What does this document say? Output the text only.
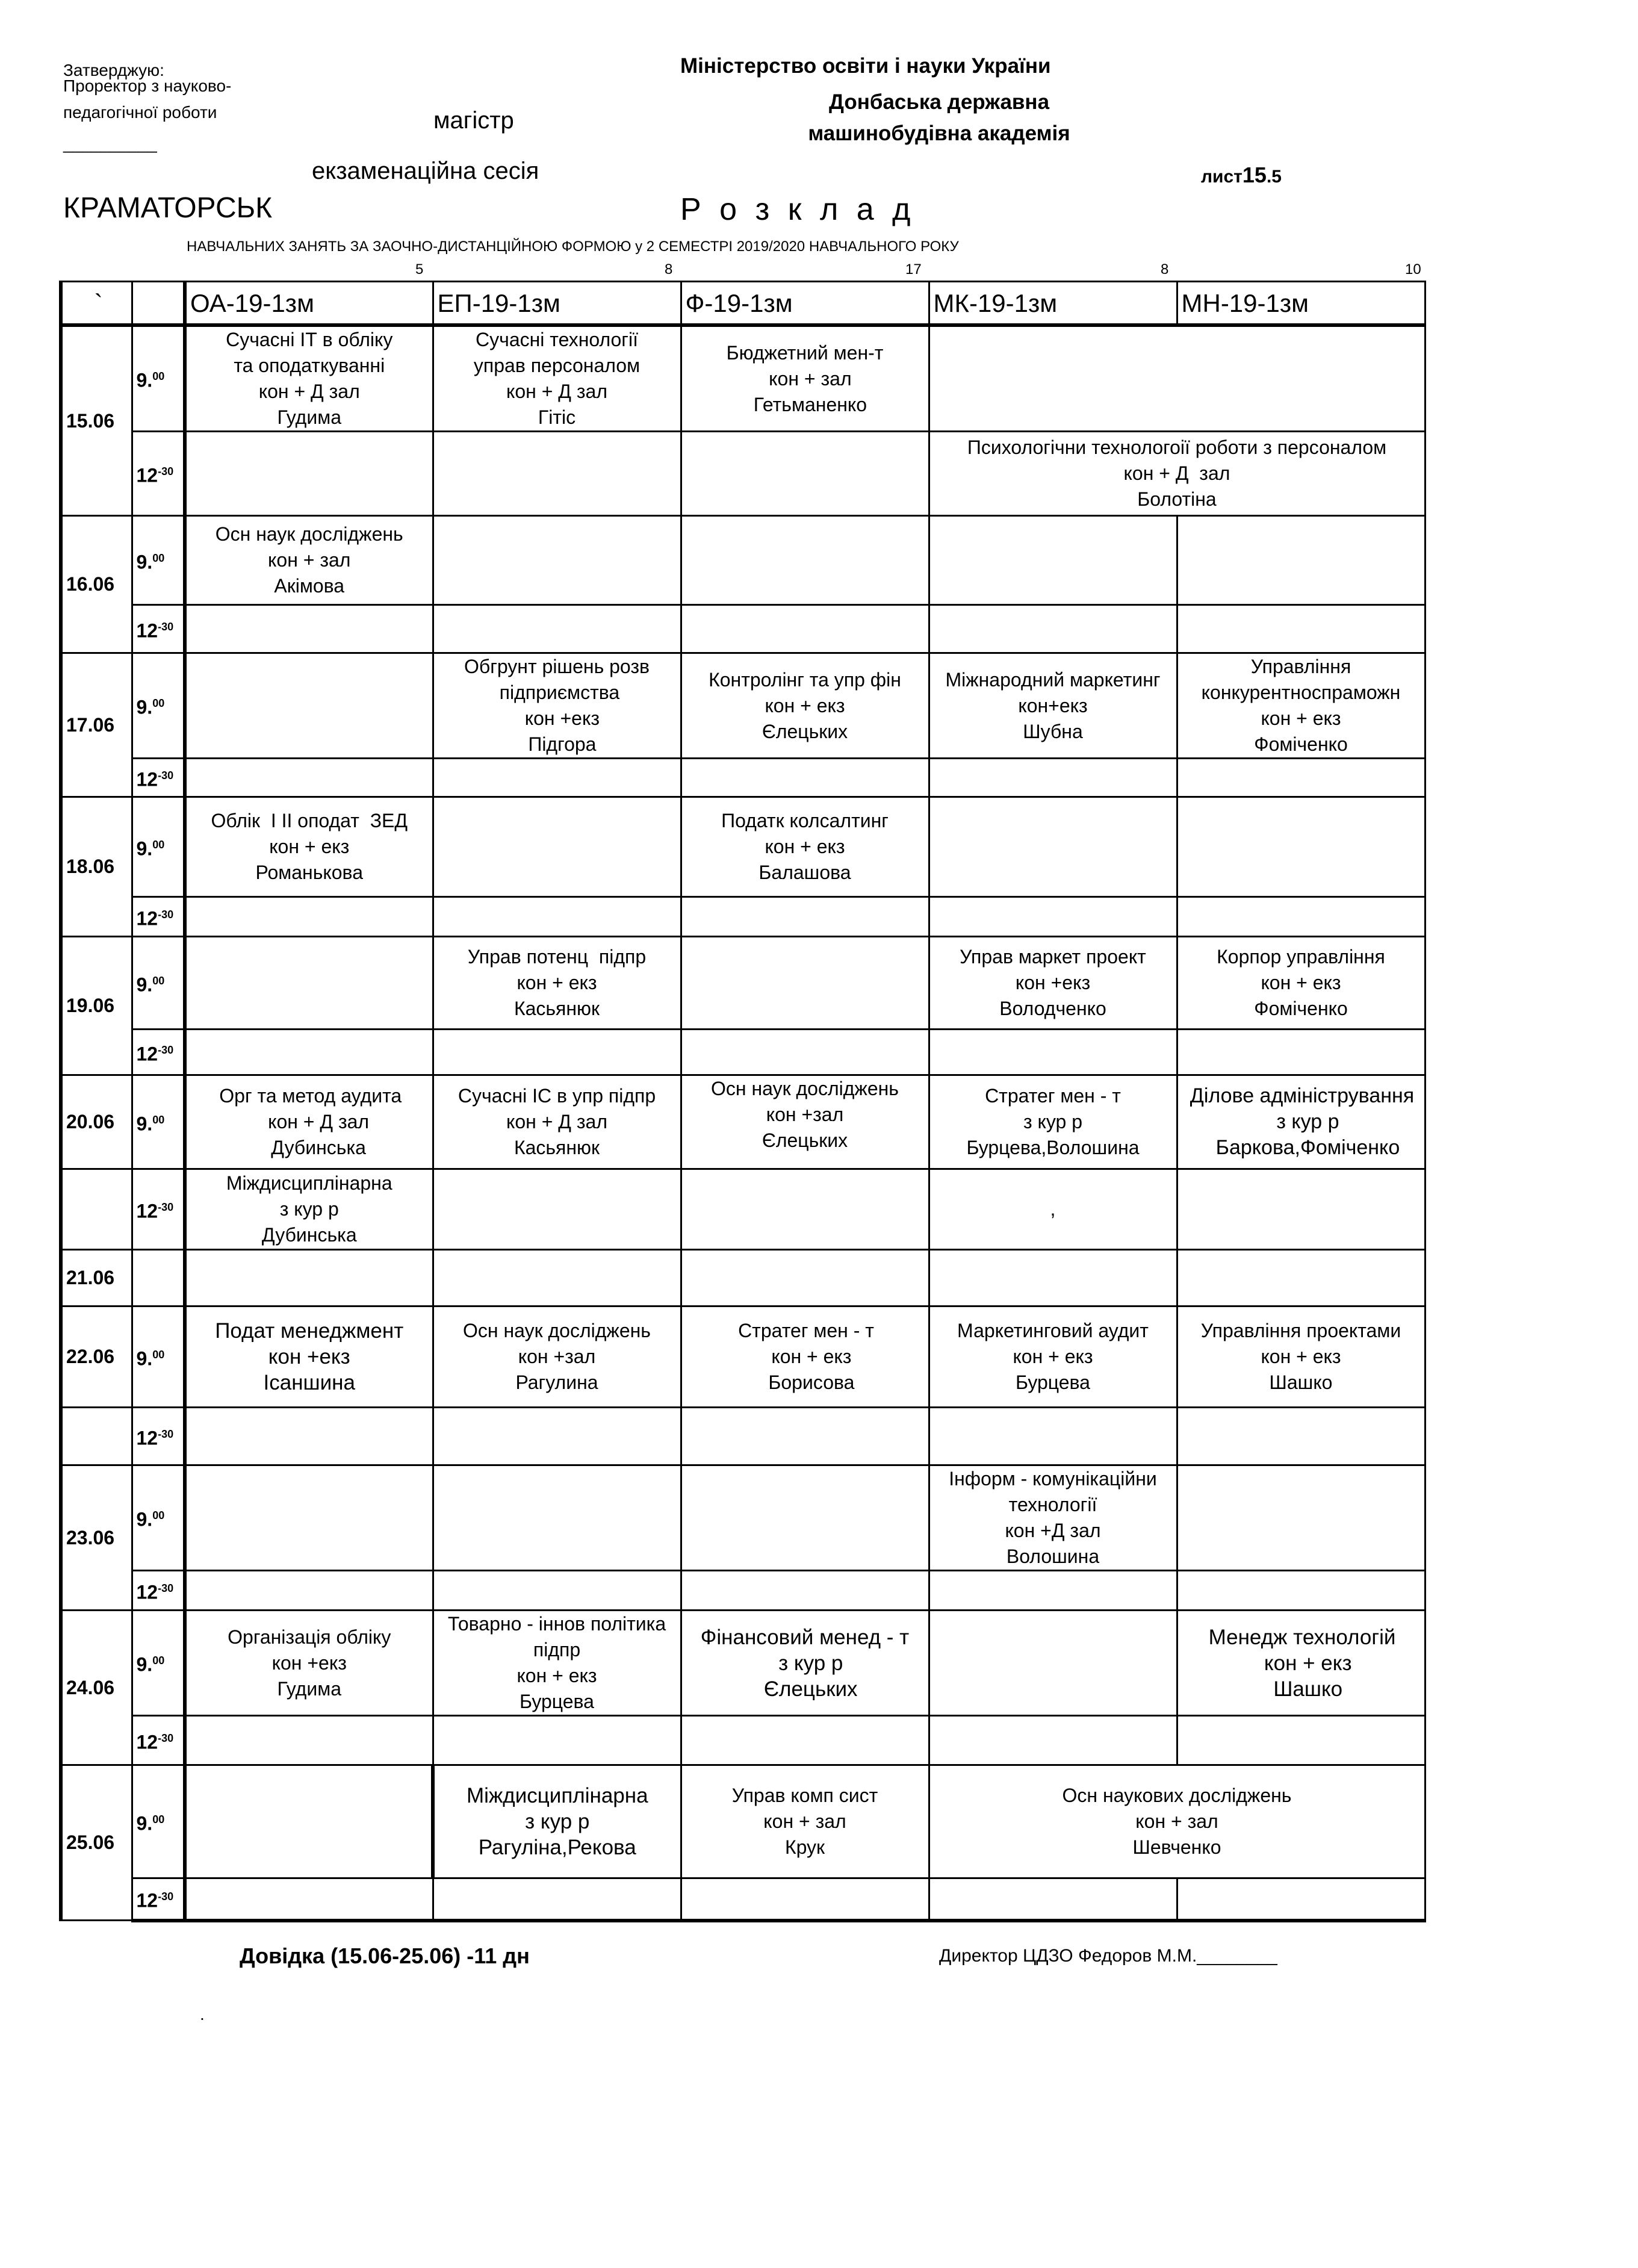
Затверджую:
Проректор з науково-
педагогічної роботи
__________
Міністерство освіти і науки України
Донбаська державна
машинобудівна академія
магістр
екзаменаційна сесія	лист15.5
КРАМАТОРСЬК	Р о з к л а д
НАВЧАЛЬНИХ ЗАНЯТЬ ЗА ЗАОЧНО-ДИСТАНЦІЙНОЮ ФОРМОЮ у 2 СЕМЕСТРІ 2019/2020 НАВЧАЛЬНОГО РОКУ
5	8	17	8	10
`		ОА-19-1зм	ЕП-19-1зм	Ф-19-1зм	МК-19-1зм	МН-19-1зм
15.06	9.00	Сучасні ІТ в обліку
та оподаткуванні
кон + Д зал
Гудима	Сучасні технології
управ персоналом
кон + Д зал
Гітіс	Бюджетний мен-т
кон + зал
Гетьманенко		

	$12^{-30}$				Психологічни технологоії роботи з персоналом
кон + Д  зал
Болотіна	

16.06	9.00	Осн наук досліджень
кон + зал
Акімова				

	$12^{-30}$					
17.06	9.00		Обгрунт рішень розв
підприємства
кон +екз
Підгора	Контролінг та упр фін
кон + екз
Єлецьких	Міжнародний маркетинг
кон+екз
Шубна	Управління
конкурентноспраможн
кон + екз
Фоміченко

	$12^{-30}$					
18.06	9.00	Облік  І ІІ оподат  ЗЕД
кон + екз
Романькова		Податк колсалтинг
кон + екз
Балашова		

	$12^{-30}$					
19.06	9.00		Управ потенц  підпр
кон + екз
Касьянюк		Управ маркет проект
кон +екз
Володченко	Корпор управління
кон + екз
Фоміченко

	$12^{-30}$					
20.06	9.00	Орг та метод аудита
кон + Д зал
Дубинська	Сучасні ІС в упр підпр
кон + Д зал
Касьянюк	Осн наук досліджень
кон +зал
Єлецьких	Стратег мен - т
з кур р
Бурцева,Волошина	Ділове адміністрування
з кур р
Баркова,Фоміченко

	$12^{-30}$	Міждисциплінарна
з кур р
Дубинська			,	
21.06						
22.06	9.00	Подат менеджмент
кон +екз
Ісаншина	Осн наук досліджень
кон +зал
Рагулина	Стратег мен - т
кон + екз
Борисова	Маркетинговий аудит
кон + екз
Бурцева	Управління проектами
кон + екз
Шашко

	$12^{-30}$					
23.06	9.00				Інформ - комунікаційни
технології
кон +Д зал
Волошина	

	$12^{-30}$					
24.06	9.00	Організація обліку
кон +екз
Гудима	Товарно - іннов політика
підпр
кон + екз
Бурцева	Фінансовий менед - т
з кур р
Єлецьких		Менедж технологій
кон + екз
Шашко

	$12^{-30}$					
25.06	9.00		Міждисциплінарна
з кур р
Рагуліна,Рекова	Управ комп сист
кон + зал
Крук	Осн наукових досліджень
кон + зал
Шевченко	

	$12^{-30}$					
Довідка (15.06-25.06) -11 дн	Директор ЦДЗО Федоров М.М.________
.
